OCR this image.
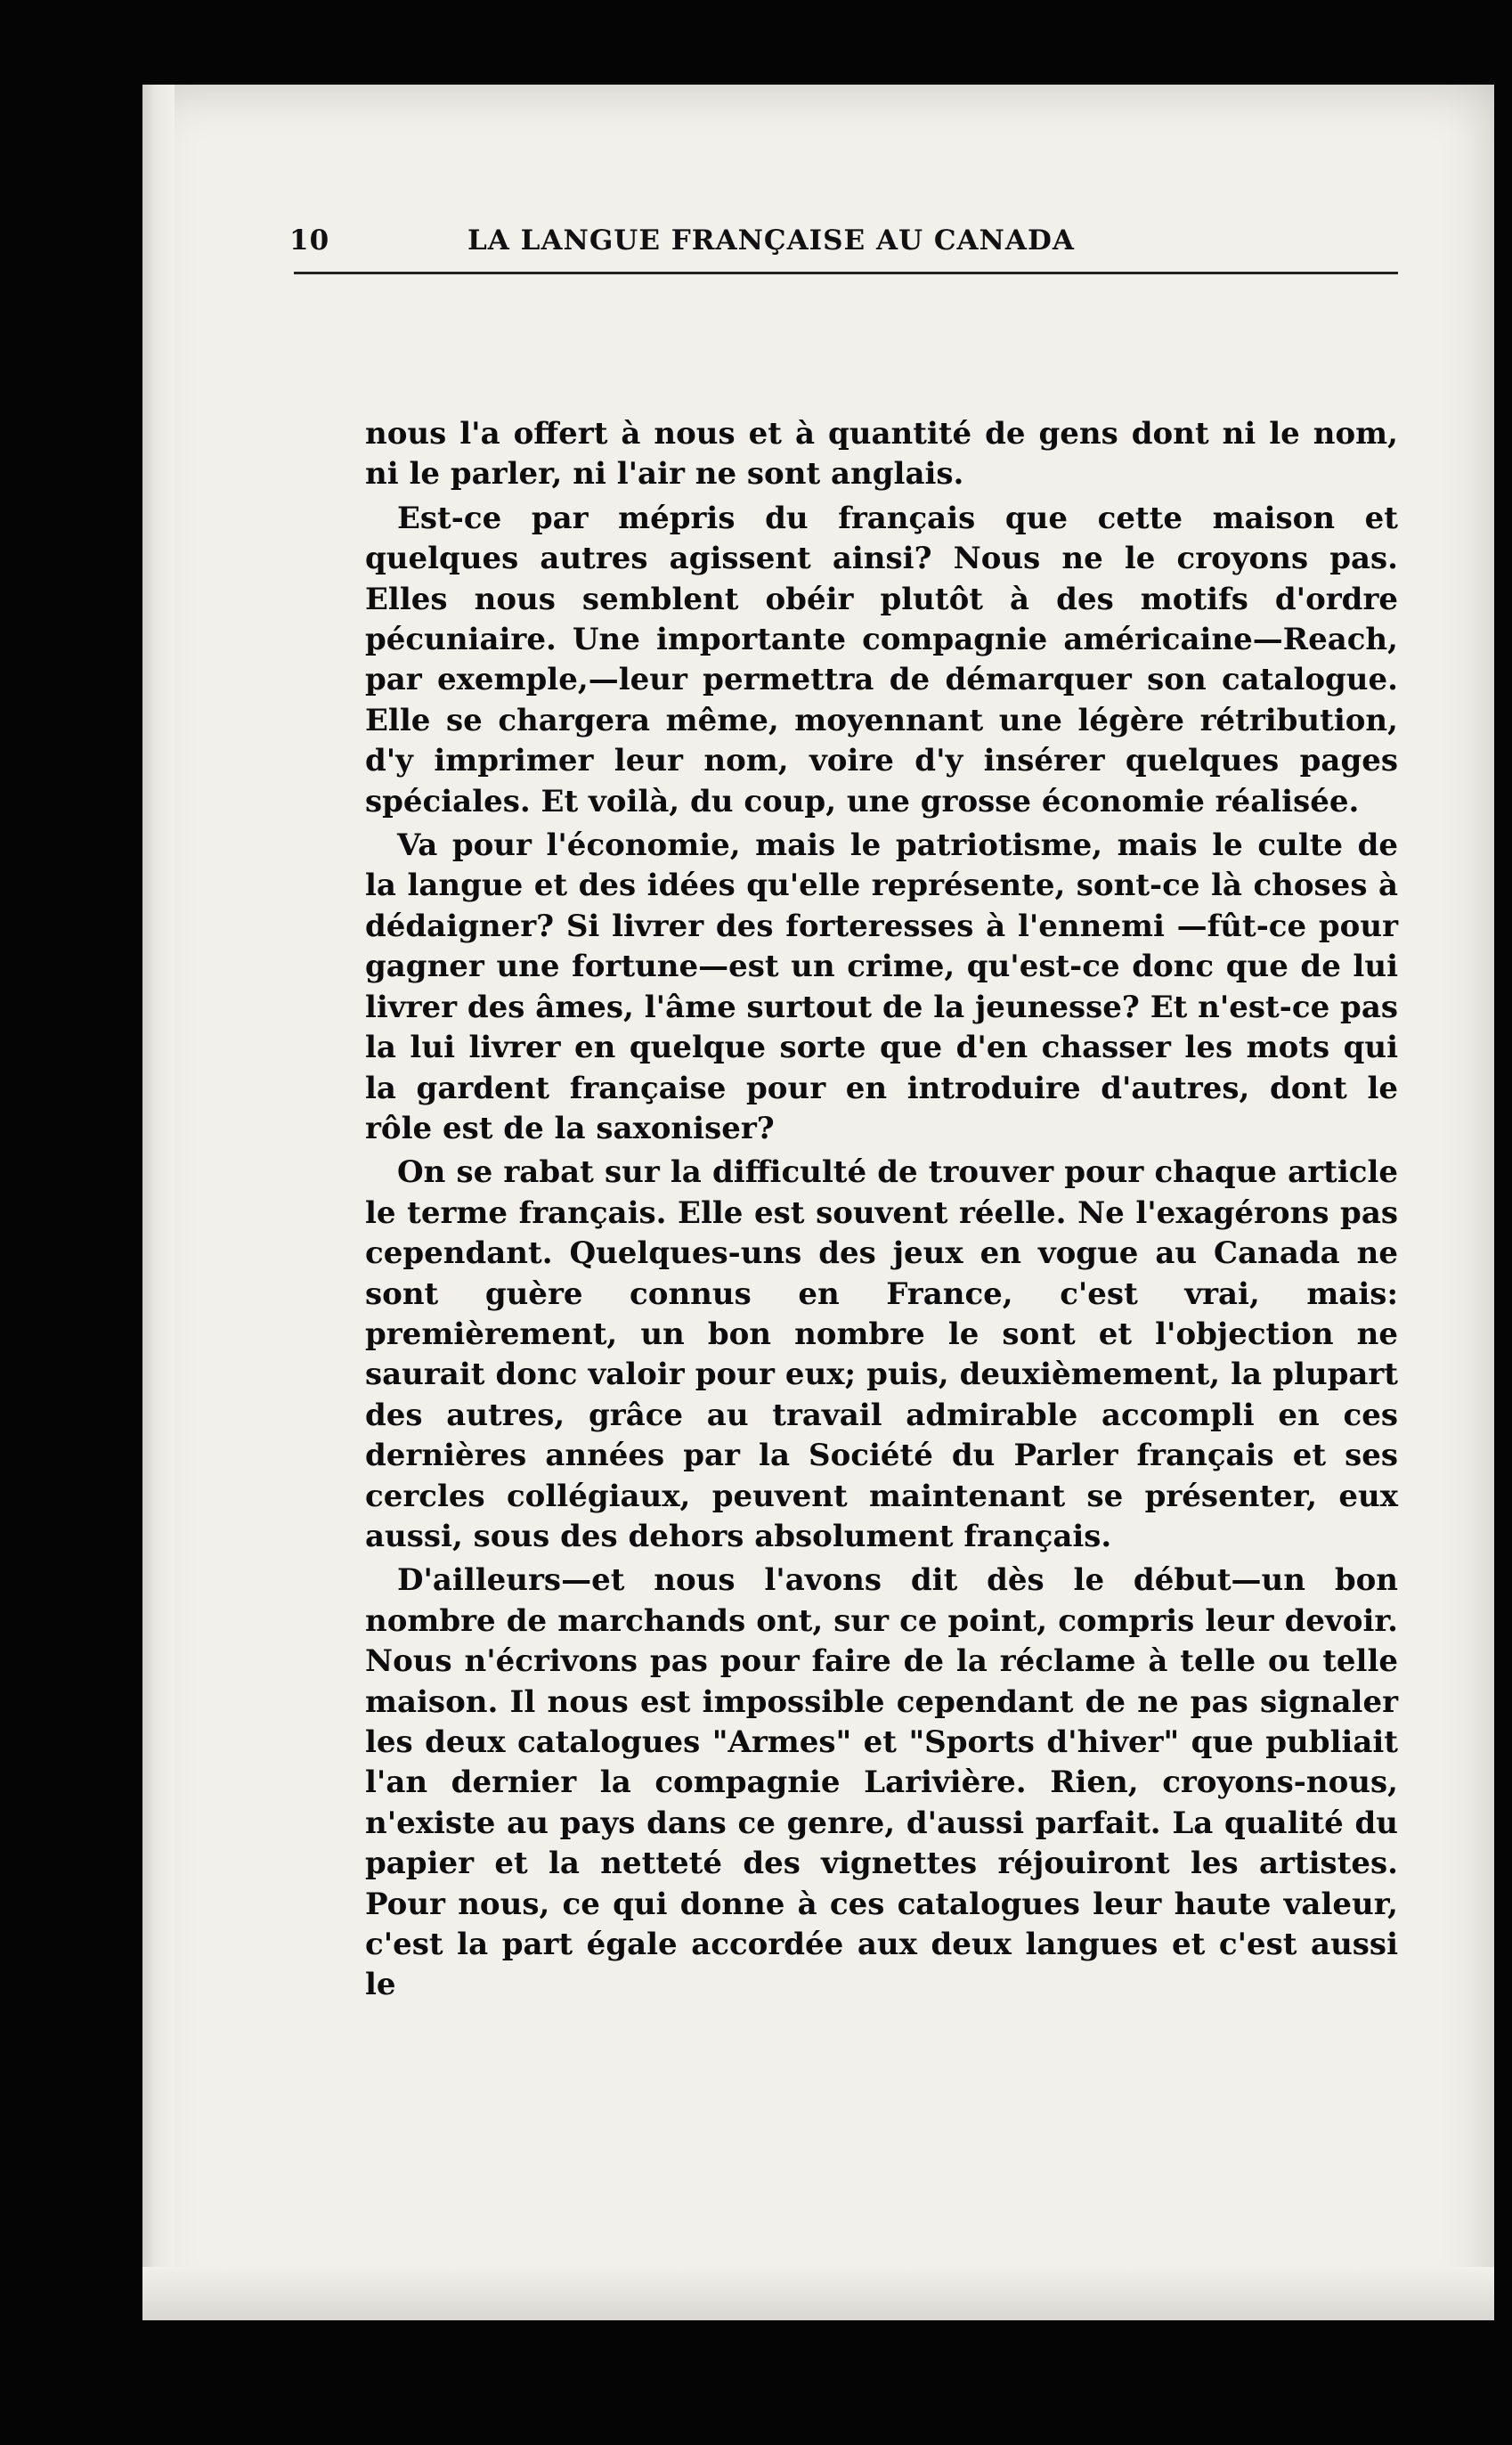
10	LA LANGUE FRANÇAISE AU CANADA

nous l'a offert à nous et à quantité de gens dont ni le nom, ni le parler, ni l'air ne sont anglais.

Est-ce par mépris du français que cette maison et quelques autres agissent ainsi? Nous ne le croyons pas. Elles nous semblent obéir plutôt à des motifs d'ordre pécuniaire. Une importante compagnie américaine—Reach, par exemple,—leur permettra de démarquer son catalogue. Elle se chargera même, moyennant une légère rétribution, d'y imprimer leur nom, voire d'y insérer quelques pages spéciales. Et voilà, du coup, une grosse économie réalisée.

Va pour l'économie, mais le patriotisme, mais le culte de la langue et des idées qu'elle représente, sont-ce là choses à dédaigner? Si livrer des forteresses à l'ennemi —fût-ce pour gagner une fortune—est un crime, qu'est-ce donc que de lui livrer des âmes, l'âme surtout de la jeunesse? Et n'est-ce pas la lui livrer en quelque sorte que d'en chasser les mots qui la gardent française pour en introduire d'autres, dont le rôle est de la saxoniser?

On se rabat sur la difficulté de trouver pour chaque article le terme français. Elle est souvent réelle. Ne l'exagérons pas cependant. Quelques-uns des jeux en vogue au Canada ne sont guère connus en France, c'est vrai, mais: premièrement, un bon nombre le sont et l'objection ne saurait donc valoir pour eux; puis, deuxièmement, la plupart des autres, grâce au travail admirable accompli en ces dernières années par la Société du Parler français et ses cercles collégiaux, peuvent maintenant se présenter, eux aussi, sous des dehors absolument français.

D'ailleurs—et nous l'avons dit dès le début—un bon nombre de marchands ont, sur ce point, compris leur devoir. Nous n'écrivons pas pour faire de la réclame à telle ou telle maison. Il nous est impossible cependant de ne pas signaler les deux catalogues "Armes" et "Sports d'hiver" que publiait l'an dernier la compagnie Larivière. Rien, croyons-nous, n'existe au pays dans ce genre, d'aussi parfait. La qualité du papier et la netteté des vignettes réjouiront les artistes. Pour nous, ce qui donne à ces catalogues leur haute valeur, c'est la part égale accordée aux deux langues et c'est aussi le
